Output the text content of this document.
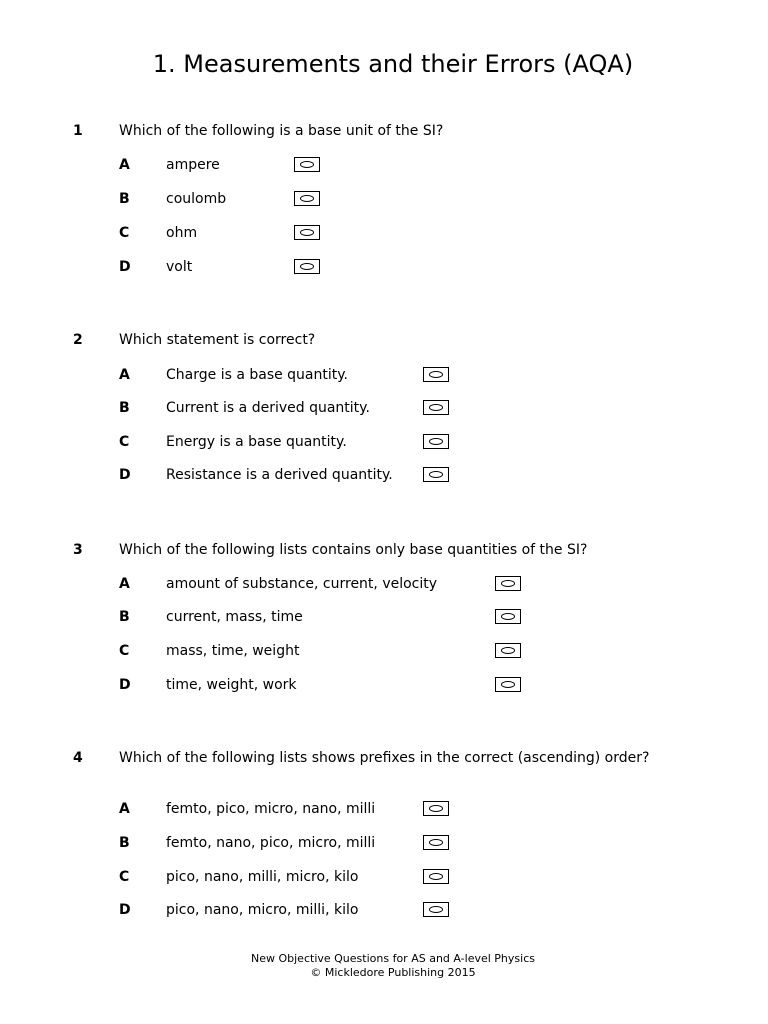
1. Measurements and their Errors (AQA)
1	Which of the following is a base unit of the SI?
A	ampere
B	coulomb
C	ohm
D	volt
2	Which statement is correct?
A	Charge is a base quantity.
B	Current is a derived quantity.
C	Energy is a base quantity.
D	Resistance is a derived quantity.
3	Which of the following lists contains only base quantities of the SI?
A	amount of substance, current, velocity
B	current, mass, time
C	mass, time, weight
D	time, weight, work
4	Which of the following lists shows prefixes in the correct (ascending) order?
A	femto, pico, micro, nano, milli
B	femto, nano, pico, micro, milli
C	pico, nano, milli, micro, kilo
D	pico, nano, micro, milli, kilo
New Objective Questions for AS and A-level Physics
© Mickledore Publishing 2015
